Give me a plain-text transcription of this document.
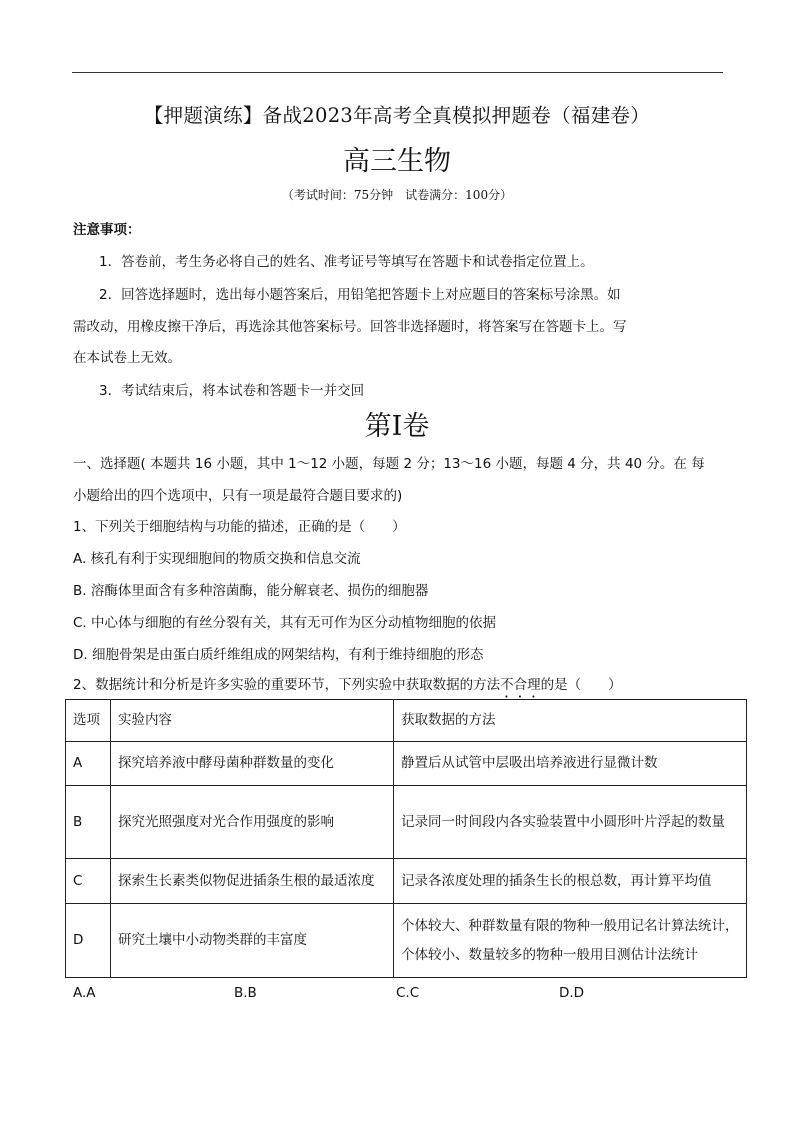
【押题演练】备战2023年高考全真模拟押题卷（福建卷）
高三生物
（考试时间：75分钟　试卷满分：100分）
注意事项：
1．答卷前，考生务必将自己的姓名、准考证号等填写在答题卡和试卷指定位置上。
2．回答选择题时，选出每小题答案后，用铅笔把答题卡上对应题目的答案标号涂黑。如
需改动，用橡皮擦干净后，再选涂其他答案标号。回答非选择题时，将答案写在答题卡上。写
在本试卷上无效。
3．考试结束后，将本试卷和答题卡一并交回
第Ⅰ卷
一、选择题( 本题共 16 小题，其中 1～12 小题，每题 2 分；13～16 小题，每题 4 分，共 40 分。在 每
小题给出的四个选项中，只有一项是最符合题目要求的)
1、下列关于细胞结构与功能的描述，正确的是（　　）
A. 核孔有利于实现细胞间的物质交换和信息交流
B. 溶酶体里面含有多种溶菌酶，能分解衰老、损伤的细胞器
C. 中心体与细胞的有丝分裂有关，其有无可作为区分动植物细胞的依据
D. 细胞骨架是由蛋白质纤维组成的网架结构，有利于维持细胞的形态
2、数据统计和分析是许多实验的重要环节，下列实验中获取数据的方法不合理的是（　　）
选项	实验内容	获取数据的方法
A	探究培养液中酵母菌种群数量的变化	静置后从试管中层吸出培养液进行显微计数
B	探究光照强度对光合作用强度的影响	记录同一时间段内各实验装置中小圆形叶片浮起的数量
C	探索生长素类似物促进插条生根的最适浓度	记录各浓度处理的插条生长的根总数，再计算平均值
D	研究土壤中小动物类群的丰富度	个体较大、种群数量有限的物种一般用记名计算法统计，个体较小、数量较多的物种一般用目测估计法统计
A.A	B.B	C.C	D.D
